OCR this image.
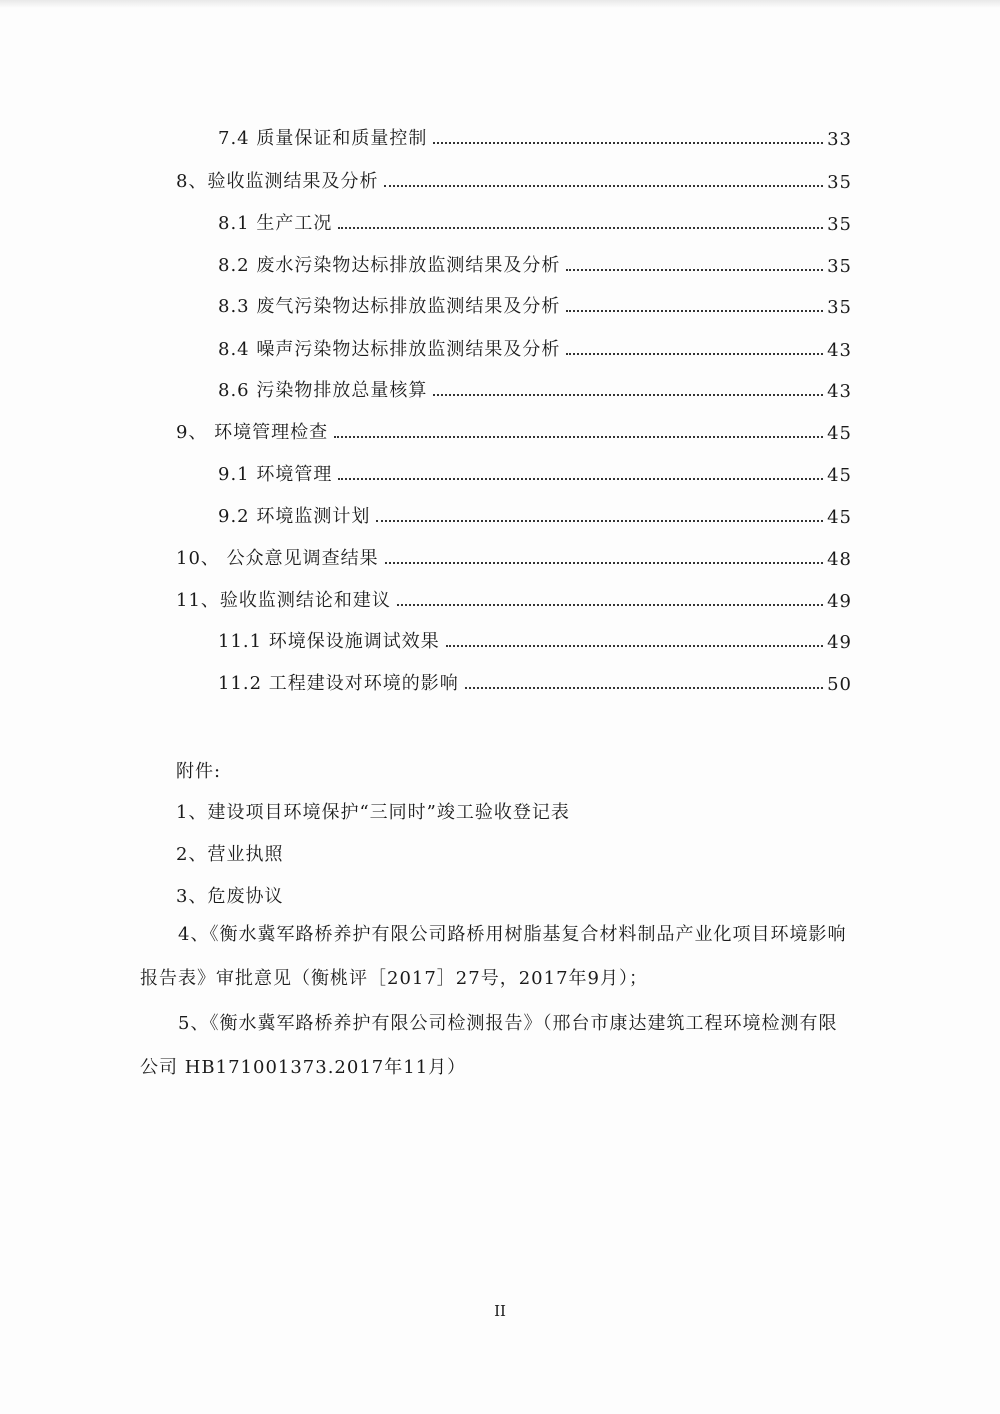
7.4 质量保证和质量控制	33
8、验收监测结果及分析	35
8.1 生产工况	35
8.2 废水污染物达标排放监测结果及分析	35
8.3 废气污染物达标排放监测结果及分析	35
8.4 噪声污染物达标排放监测结果及分析	43
8.6 污染物排放总量核算	43
9、 环境管理检查	45
9.1 环境管理	45
9.2 环境监测计划	45
10、 公众意见调查结果	48
11、验收监测结论和建议	49
11.1 环境保设施调试效果	49
11.2 工程建设对环境的影响	50
附件:
1、建设项目环境保护“三同时”竣工验收登记表
2、营业执照
3、危废协议
4、《衡水冀军路桥养护有限公司路桥用树脂基复合材料制品产业化项目环境影响报告表》审批意见（衡桃评［2017］27号，2017年9月）；
5、《衡水冀军路桥养护有限公司检测报告》（邢台市康达建筑工程环境检测有限公司 HB171001373.2017年11月）
II
